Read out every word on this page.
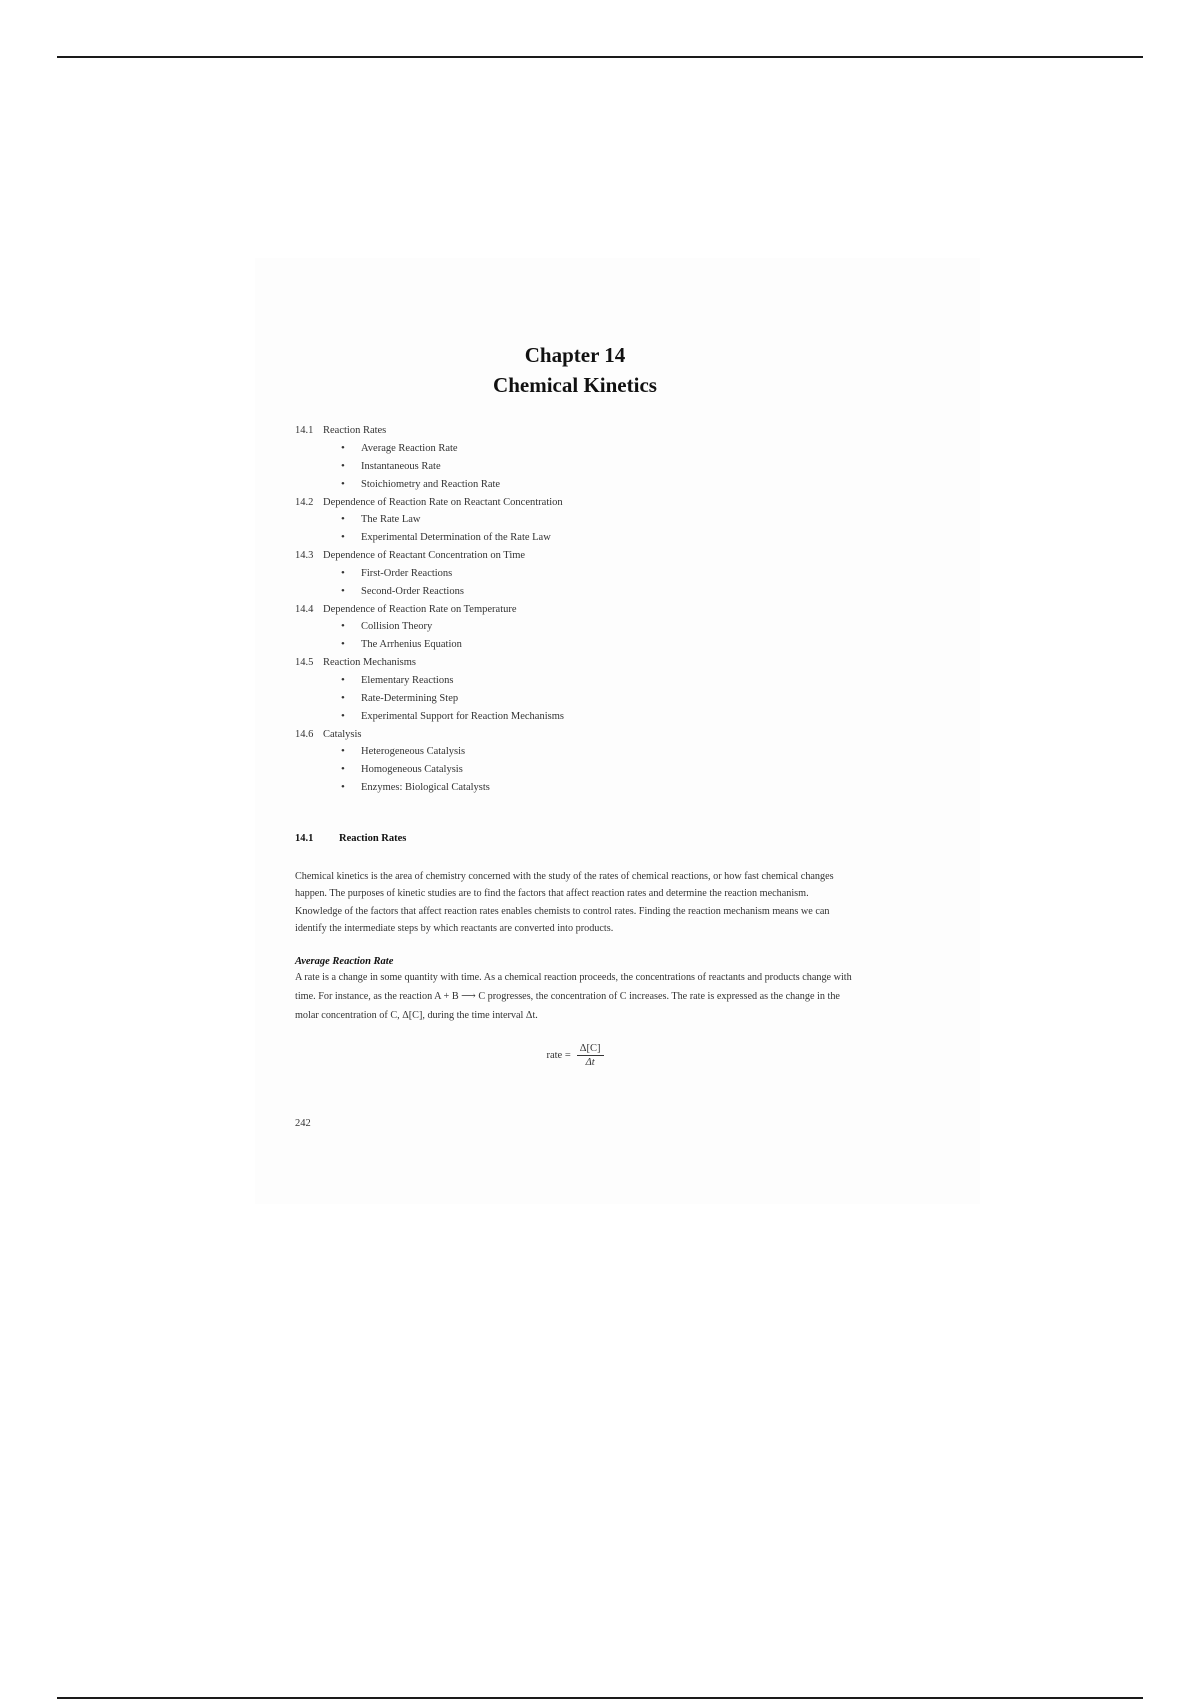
Chapter 14
Chemical Kinetics
14.1 Reaction Rates
• Average Reaction Rate
• Instantaneous Rate
• Stoichiometry and Reaction Rate
14.2 Dependence of Reaction Rate on Reactant Concentration
• The Rate Law
• Experimental Determination of the Rate Law
14.3 Dependence of Reactant Concentration on Time
• First-Order Reactions
• Second-Order Reactions
14.4 Dependence of Reaction Rate on Temperature
• Collision Theory
• The Arrhenius Equation
14.5 Reaction Mechanisms
• Elementary Reactions
• Rate-Determining Step
• Experimental Support for Reaction Mechanisms
14.6 Catalysis
• Heterogeneous Catalysis
• Homogeneous Catalysis
• Enzymes: Biological Catalysts
14.1 Reaction Rates
Chemical kinetics is the area of chemistry concerned with the study of the rates of chemical reactions, or how fast chemical changes happen. The purposes of kinetic studies are to find the factors that affect reaction rates and determine the reaction mechanism. Knowledge of the factors that affect reaction rates enables chemists to control rates. Finding the reaction mechanism means we can identify the intermediate steps by which reactants are converted into products.
Average Reaction Rate
A rate is a change in some quantity with time. As a chemical reaction proceeds, the concentrations of reactants and products change with time. For instance, as the reaction A + B ⟶ C progresses, the concentration of C increases. The rate is expressed as the change in the molar concentration of C, Δ[C], during the time interval Δt.
rate = $\frac{\Delta[C]}{\Delta t}$
242
